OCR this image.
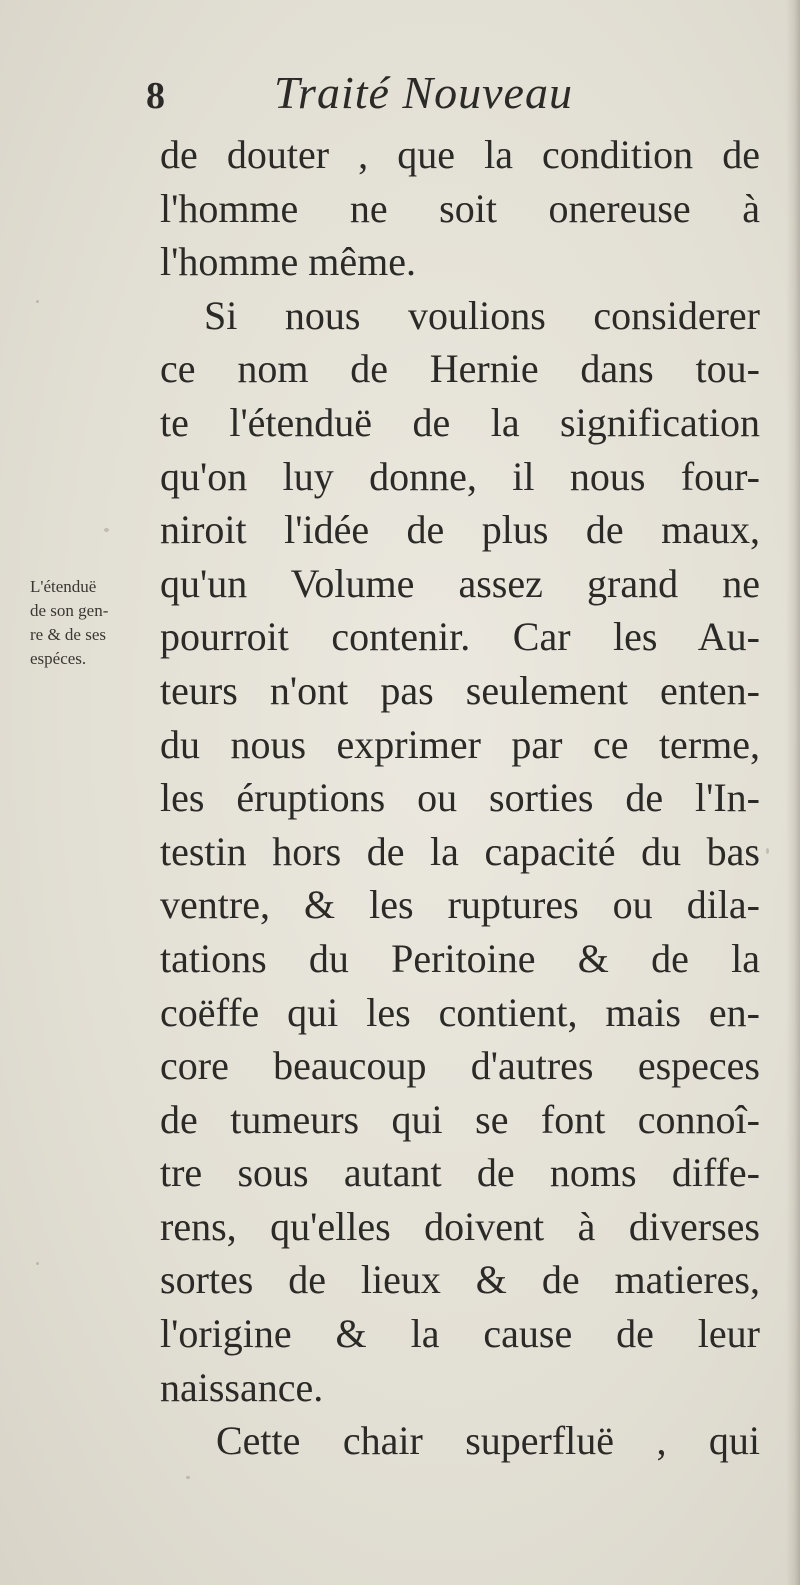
8 Traité Nouveau
L'étenduë
de son gen-
re & de ses
espéces.
de douter , que la condition de
l'homme ne soit onereuse à
l'homme même.
Si nous voulions considerer
ce nom de Hernie dans tou-
te l'étenduë de la signification
qu'on luy donne, il nous four-
niroit l'idée de plus de maux,
qu'un Volume assez grand ne
pourroit contenir. Car les Au-
teurs n'ont pas seulement enten-
du nous exprimer par ce terme,
les éruptions ou sorties de l'In-
testin hors de la capacité du bas
ventre, & les ruptures ou dila-
tations du Peritoine & de la
coëffe qui les contient, mais en-
core beaucoup d'autres especes
de tumeurs qui se font connoî-
tre sous autant de noms diffe-
rens, qu'elles doivent à diverses
sortes de lieux & de matieres,
l'origine & la cause de leur
naissance.
Cette chair superfluë , qui
